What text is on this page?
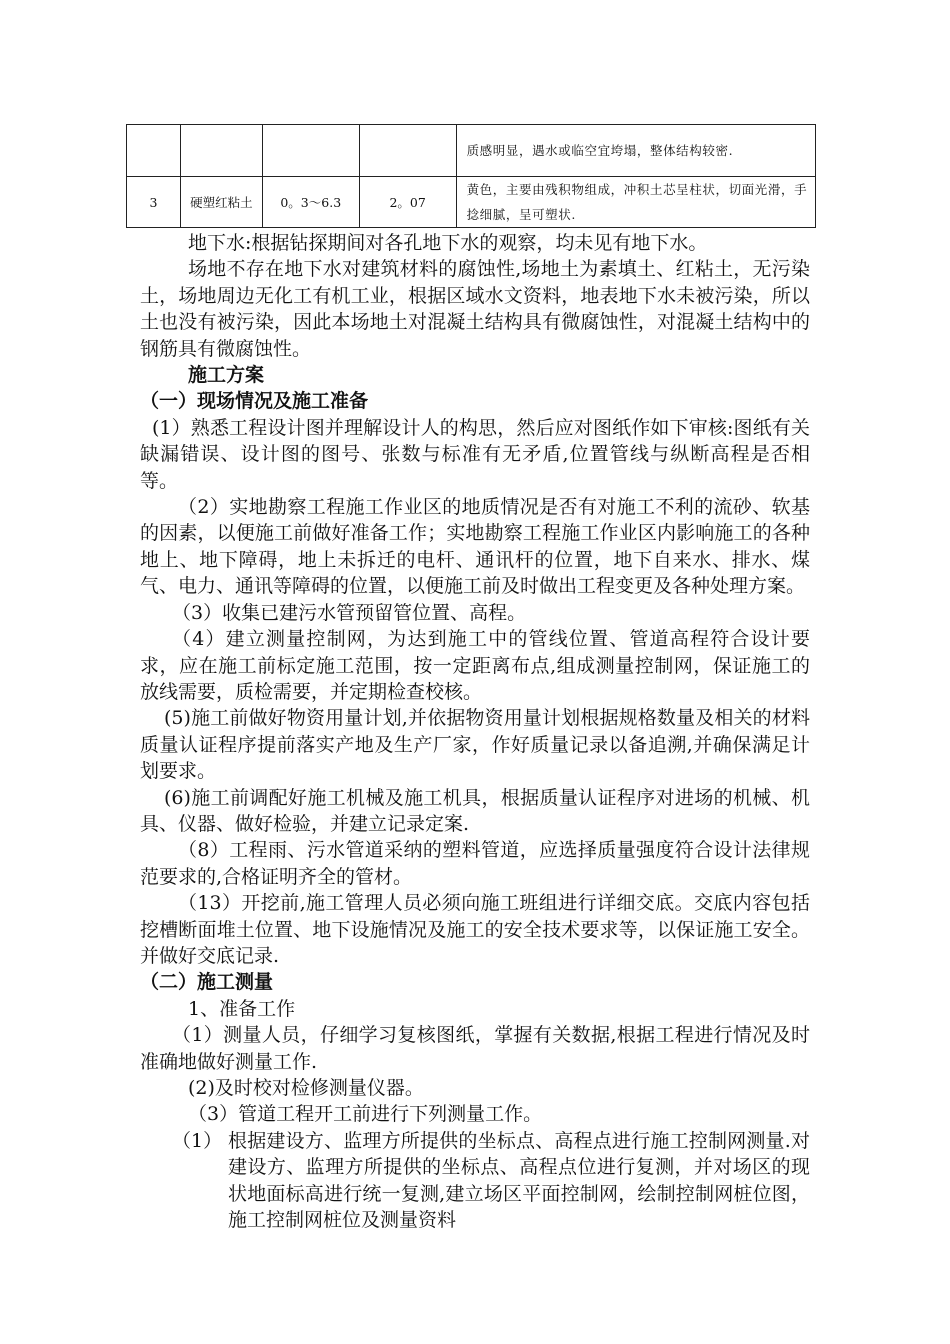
				质感明显，遇水或临空宜垮塌，整体结构较密.
3	硬塑红粘土	0。3～6.3	2。07	黄色，主要由残积物组成，冲积土芯呈柱状，切面光滑，手捻细腻，呈可塑状.

地下水:根据钻探期间对各孔地下水的观察，均未见有地下水。

场地不存在地下水对建筑材料的腐蚀性,场地土为素填土、红粘土，无污染土，场地周边无化工有机工业，根据区域水文资料，地表地下水未被污染，所以土也没有被污染，因此本场地土对混凝土结构具有微腐蚀性，对混凝土结构中的钢筋具有微腐蚀性。

施工方案

（一）现场情况及施工准备

(1）熟悉工程设计图并理解设计人的构思，然后应对图纸作如下审核:图纸有关缺漏错误、设计图的图号、张数与标准有无矛盾,位置管线与纵断高程是否相等。

（2）实地勘察工程施工作业区的地质情况是否有对施工不利的流砂、软基的因素，以便施工前做好准备工作；实地勘察工程施工作业区内影响施工的各种地上、地下障碍，地上未拆迁的电杆、通讯杆的位置，地下自来水、排水、煤气、电力、通讯等障碍的位置，以便施工前及时做出工程变更及各种处理方案。

（3）收集已建污水管预留管位置、高程。

（4）建立测量控制网，为达到施工中的管线位置、管道高程符合设计要求，应在施工前标定施工范围，按一定距离布点,组成测量控制网，保证施工的放线需要，质检需要，并定期检查校核。

(5)施工前做好物资用量计划,并依据物资用量计划根据规格数量及相关的材料质量认证程序提前落实产地及生产厂家，作好质量记录以备追溯,并确保满足计划要求。

(6)施工前调配好施工机械及施工机具，根据质量认证程序对进场的机械、机具、仪器、做好检验，并建立记录定案.

（8）工程雨、污水管道采纳的塑料管道，应选择质量强度符合设计法律规范要求的,合格证明齐全的管材。

（13）开挖前,施工管理人员必须向施工班组进行详细交底。交底内容包括挖槽断面堆土位置、地下设施情况及施工的安全技术要求等，以保证施工安全。并做好交底记录.

（二）施工测量

1、准备工作

（1）测量人员，仔细学习复核图纸，掌握有关数据,根据工程进行情况及时准确地做好测量工作.

(2)及时校对检修测量仪器。

（3）管道工程开工前进行下列测量工作。

（1） 根据建设方、监理方所提供的坐标点、高程点进行施工控制网测量.对建设方、监理方所提供的坐标点、高程点位进行复测，并对场区的现状地面标高进行统一复测,建立场区平面控制网，绘制控制网桩位图，施工控制网桩位及测量资料
